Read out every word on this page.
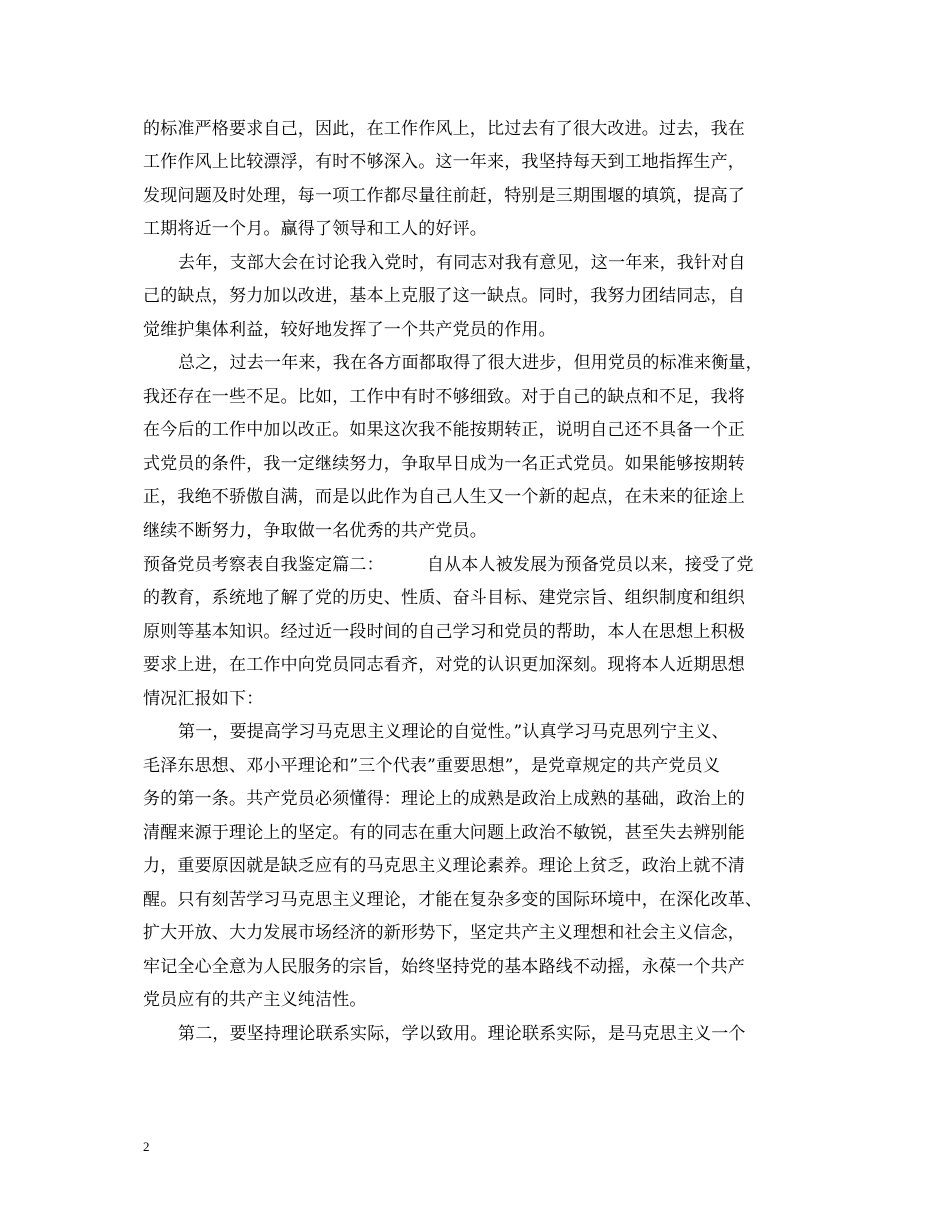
的标准严格要求自己，因此，在工作作风上，比过去有了很大改进。过去，我在
工作作风上比较漂浮，有时不够深入。这一年来，我坚持每天到工地指挥生产，
发现问题及时处理，每一项工作都尽量往前赶，特别是三期围堰的填筑，提高了
工期将近一个月。赢得了领导和工人的好评。
去年，支部大会在讨论我入党时，有同志对我有意见，这一年来，我针对自
己的缺点，努力加以改进，基本上克服了这一缺点。同时，我努力团结同志，自
觉维护集体利益，较好地发挥了一个共产党员的作用。
总之，过去一年来，我在各方面都取得了很大进步，但用党员的标准来衡量，
我还存在一些不足。比如，工作中有时不够细致。对于自己的缺点和不足，我将
在今后的工作中加以改正。如果这次我不能按期转正，说明自己还不具备一个正
式党员的条件，我一定继续努力，争取早日成为一名正式党员。如果能够按期转
正，我绝不骄傲自满，而是以此作为自己人生又一个新的起点，在未来的征途上
继续不断努力，争取做一名优秀的共产党员。
预备党员考察表自我鉴定篇二：　　　自从本人被发展为预备党员以来，接受了党
的教育，系统地了解了党的历史、性质、奋斗目标、建党宗旨、组织制度和组织
原则等基本知识。经过近一段时间的自己学习和党员的帮助，本人在思想上积极
要求上进，在工作中向党员同志看齐，对党的认识更加深刻。现将本人近期思想
情况汇报如下：
第一，要提高学习马克思主义理论的自觉性。”认真学习马克思列宁主义、
毛泽东思想、邓小平理论和”三个代表”重要思想”，是党章规定的共产党员义
务的第一条。共产党员必须懂得：理论上的成熟是政治上成熟的基础，政治上的
清醒来源于理论上的坚定。有的同志在重大问题上政治不敏锐，甚至失去辨别能
力，重要原因就是缺乏应有的马克思主义理论素养。理论上贫乏，政治上就不清
醒。只有刻苦学习马克思主义理论，才能在复杂多变的国际环境中，在深化改革、
扩大开放、大力发展市场经济的新形势下，坚定共产主义理想和社会主义信念，
牢记全心全意为人民服务的宗旨，始终坚持党的基本路线不动摇，永葆一个共产
党员应有的共产主义纯洁性。
第二，要坚持理论联系实际，学以致用。理论联系实际，是马克思主义一个
2
